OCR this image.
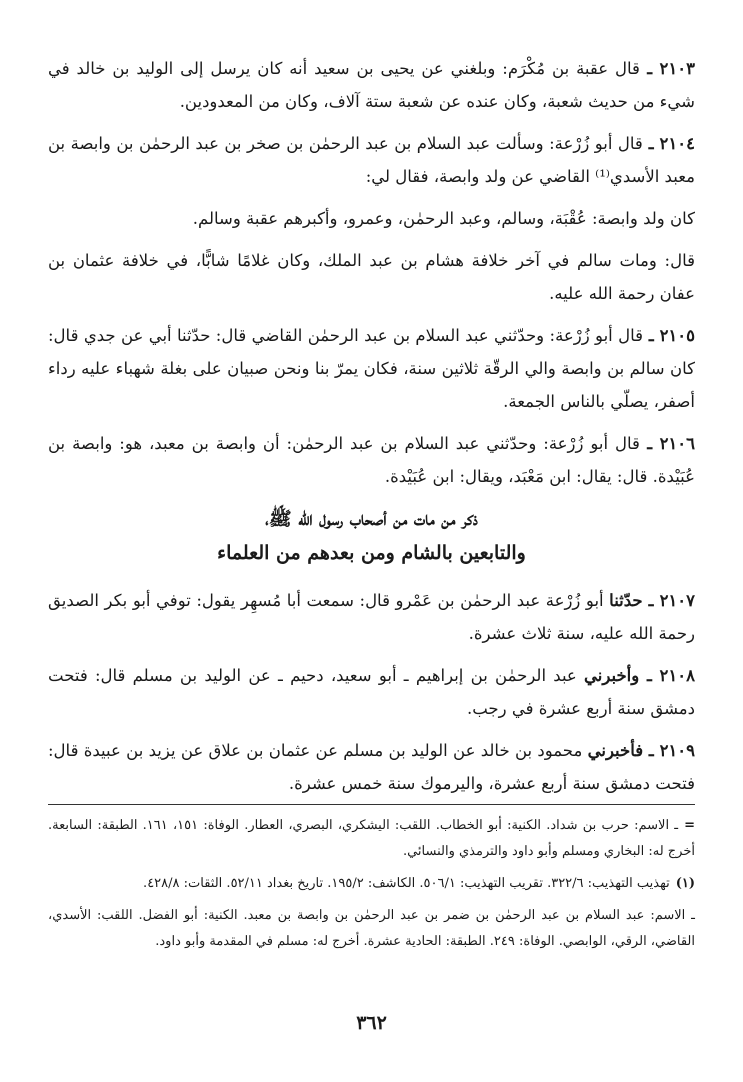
٢١٠٣ ـ قال عقبة بن مُكْرَم: وبلغني عن يحيى بن سعيد أنه كان يرسل إلى الوليد بن خالد في شيء من حديث شعبة، وكان عنده عن شعبة ستة آلاف، وكان من المعدودين.

٢١٠٤ ـ قال أبو زُرْعة: وسألت عبد السلام بن عبد الرحمٰن بن صخر بن عبد الرحمٰن بن وابصة بن معبد الأسدي⁽¹⁾ القاضي عن ولد وابصة، فقال لي:

كان ولد وابصة: عُقْبَة، وسالم، وعبد الرحمٰن، وعمرو، وأكبرهم عقبة وسالم.

قال: ومات سالم في آخر خلافة هشام بن عبد الملك، وكان غلامًا شابًّا، في خلافة عثمان بن عفان رحمة الله عليه.

٢١٠٥ ـ قال أبو زُرْعة: وحدّثني عبد السلام بن عبد الرحمٰن القاضي قال: حدّثنا أبي عن جدي قال: كان سالم بن وابصة والي الرقّة ثلاثين سنة، فكان يمرّ بنا ونحن صبيان على بغلة شهباء عليه رداء أصفر، يصلّي بالناس الجمعة.

٢١٠٦ ـ قال أبو زُرْعة: وحدّثني عبد السلام بن عبد الرحمٰن: أن وابصة بن معبد، هو: وابصة بن عُبَيْدة. قال: يقال: ابن مَعْبَد، ويقال: ابن عُبَيْدة.

ذكر من مات من أصحاب رسول الله ﷺ،
والتابعين بالشام ومن بعدهم من العلماء

٢١٠٧ ـ حدّثنا أبو زُرْعة عبد الرحمٰن بن عَمْرو قال: سمعت أبا مُسهِر يقول: توفي أبو بكر الصديق رحمة الله عليه، سنة ثلاث عشرة.

٢١٠٨ ـ وأخبرني عبد الرحمٰن بن إبراهيم ـ أبو سعيد، دحيم ـ عن الوليد بن مسلم قال: فتحت دمشق سنة أربع عشرة في رجب.

٢١٠٩ ـ فأخبرني محمود بن خالد عن الوليد بن مسلم عن عثمان بن علاق عن يزيد بن عبيدة قال: فتحت دمشق سنة أربع عشرة، واليرموك سنة خمس عشرة.

=ـ الاسم: حرب بن شداد. الكنية: أبو الخطاب. اللقب: اليشكري، البصري، العطار. الوفاة: ١٥١، ١٦١. الطبقة: السابعة. أخرج له: البخاري ومسلم وأبو داود والترمذي والنسائي.

(١)تهذيب التهذيب: ٣٢٢/٦. تقريب التهذيب: ٥٠٦/١. الكاشف: ١٩٥/٢. تاريخ بغداد ٥٢/١١. الثقات: ٤٢٨/٨.

ـ الاسم: عبد السلام بن عبد الرحمٰن بن ضمر بن عبد الرحمٰن بن وابصة بن معبد. الكنية: أبو الفضل. اللقب: الأسدي، القاضي، الرقي، الوابصي. الوفاة: ٢٤٩. الطبقة: الحادية عشرة. أخرج له: مسلم في المقدمة وأبو داود.

٣٦٢
